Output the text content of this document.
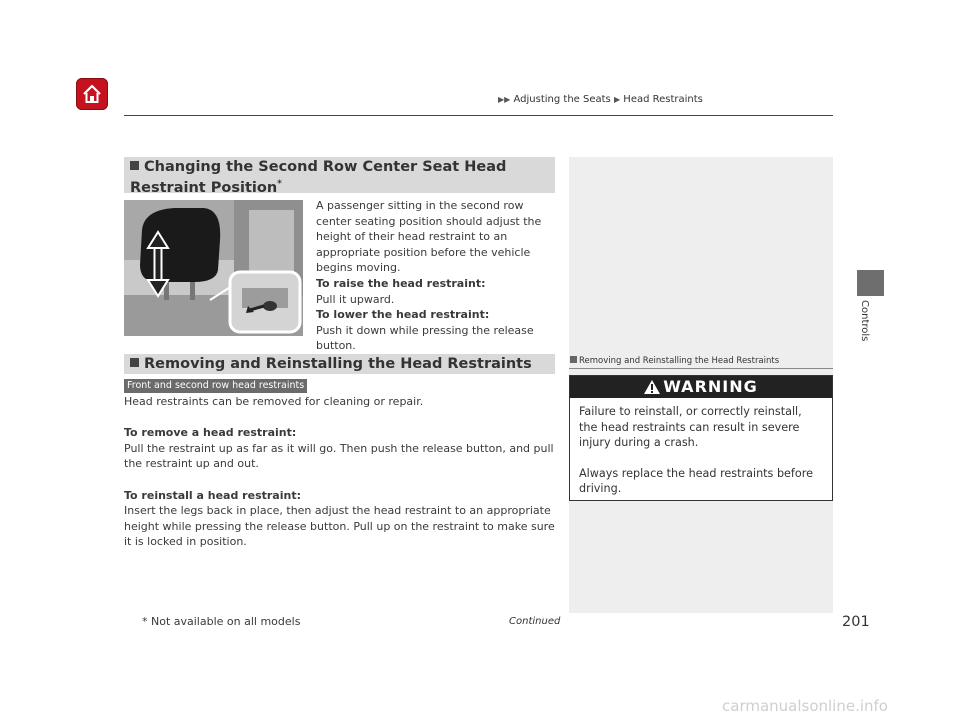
▶▶ Adjusting the Seats ▶ Head Restraints
Controls
Changing the Second Row Center Seat Head Restraint Position*
A passenger sitting in the second row center seating position should adjust the height of their head restraint to an appropriate position before the vehicle begins moving.
To raise the head restraint:
Pull it upward.
To lower the head restraint:
Push it down while pressing the release button.
Removing and Reinstalling the Head Restraints
Front and second row head restraints

Head restraints can be removed for cleaning or repair.

To remove a head restraint:

Pull the restraint up as far as it will go. Then push the release button, and pull the restraint up and out.

To reinstall a head restraint:

Insert the legs back in place, then adjust the head restraint to an appropriate height while pressing the release button. Pull up on the restraint to make sure it is locked in position.

Removing and Reinstalling the Head Restraints
WARNING

Failure to reinstall, or correctly reinstall, the head restraints can result in severe injury during a crash.

Always replace the head restraints before driving.

* Not available on all models	Continued	201
carmanualsonline.info
